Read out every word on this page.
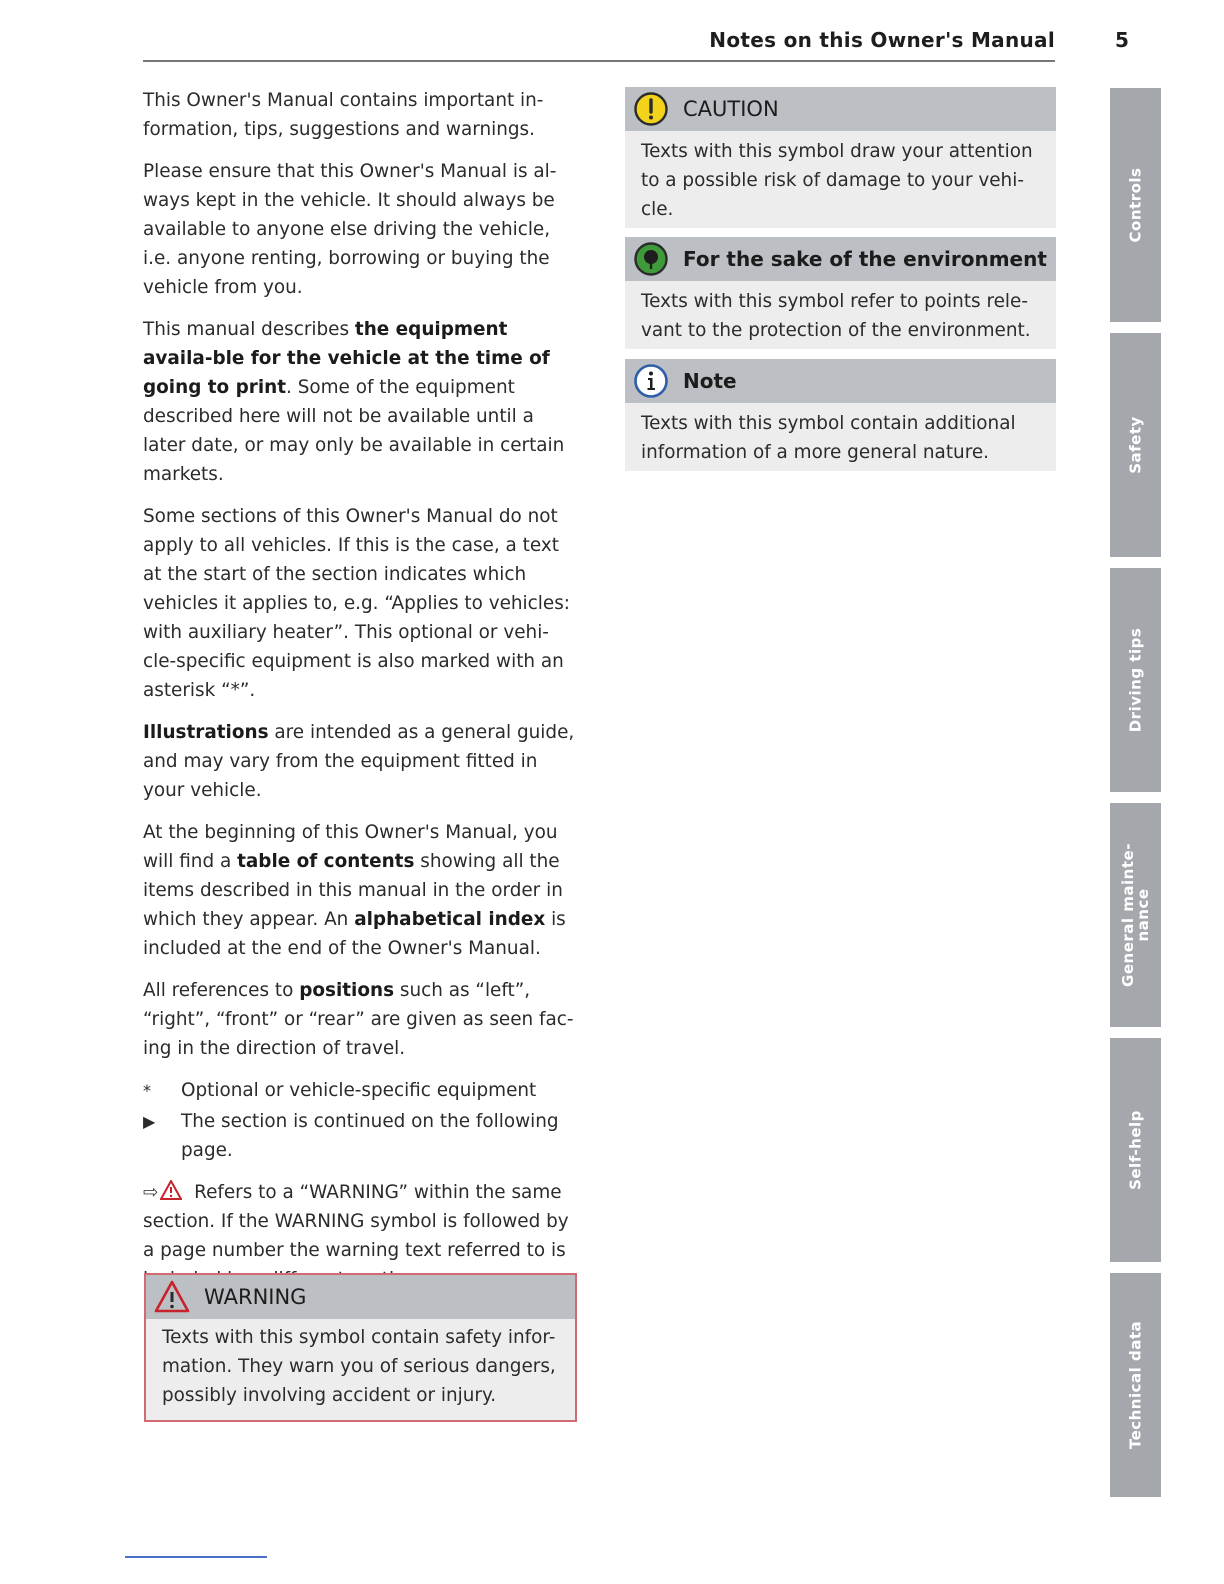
Notes on this Owner's Manual	5

This Owner's Manual contains important in-formation, tips, suggestions and warnings.

Please ensure that this Owner's Manual is al-ways kept in the vehicle. It should always be available to anyone else driving the vehicle, i.e. anyone renting, borrowing or buying the vehicle from you.

This manual describes the equipment availa-ble for the vehicle at the time of going to print. Some of the equipment described here will not be available until a later date, or may only be available in certain markets.

Some sections of this Owner's Manual do not apply to all vehicles. If this is the case, a text at the start of the section indicates which vehicles it applies to, e.g. “Applies to vehicles: with auxiliary heater”. This optional or vehi-cle-specific equipment is also marked with an asterisk “*”.

Illustrations are intended as a general guide, and may vary from the equipment fitted in your vehicle.

At the beginning of this Owner's Manual, you will find a table of contents showing all the items described in this manual in the order in which they appear. An alphabetical index is included at the end of the Owner's Manual.

All references to positions such as “left”, “right”, “front” or “rear” are given as seen fac-ing in the direction of travel.

*	Optional or vehicle-specific equipment
▶	The section is continued on the following page.

⇨ Refers to a “WARNING” within the same section. If the WARNING symbol is followed by a page number the warning text referred to is

WARNING
Texts with this symbol contain safety infor-mation. They warn you of serious dangers, possibly involving accident or injury.
CAUTION
Texts with this symbol draw your attention to a possible risk of damage to your vehi-cle.
For the sake of the environment
Texts with this symbol refer to points rele-vant to the protection of the environment.
Note
Texts with this symbol contain additional information of a more general nature.
Controls
Safety
Driving tips
General mainte-
nance
Self-help
Technical data
